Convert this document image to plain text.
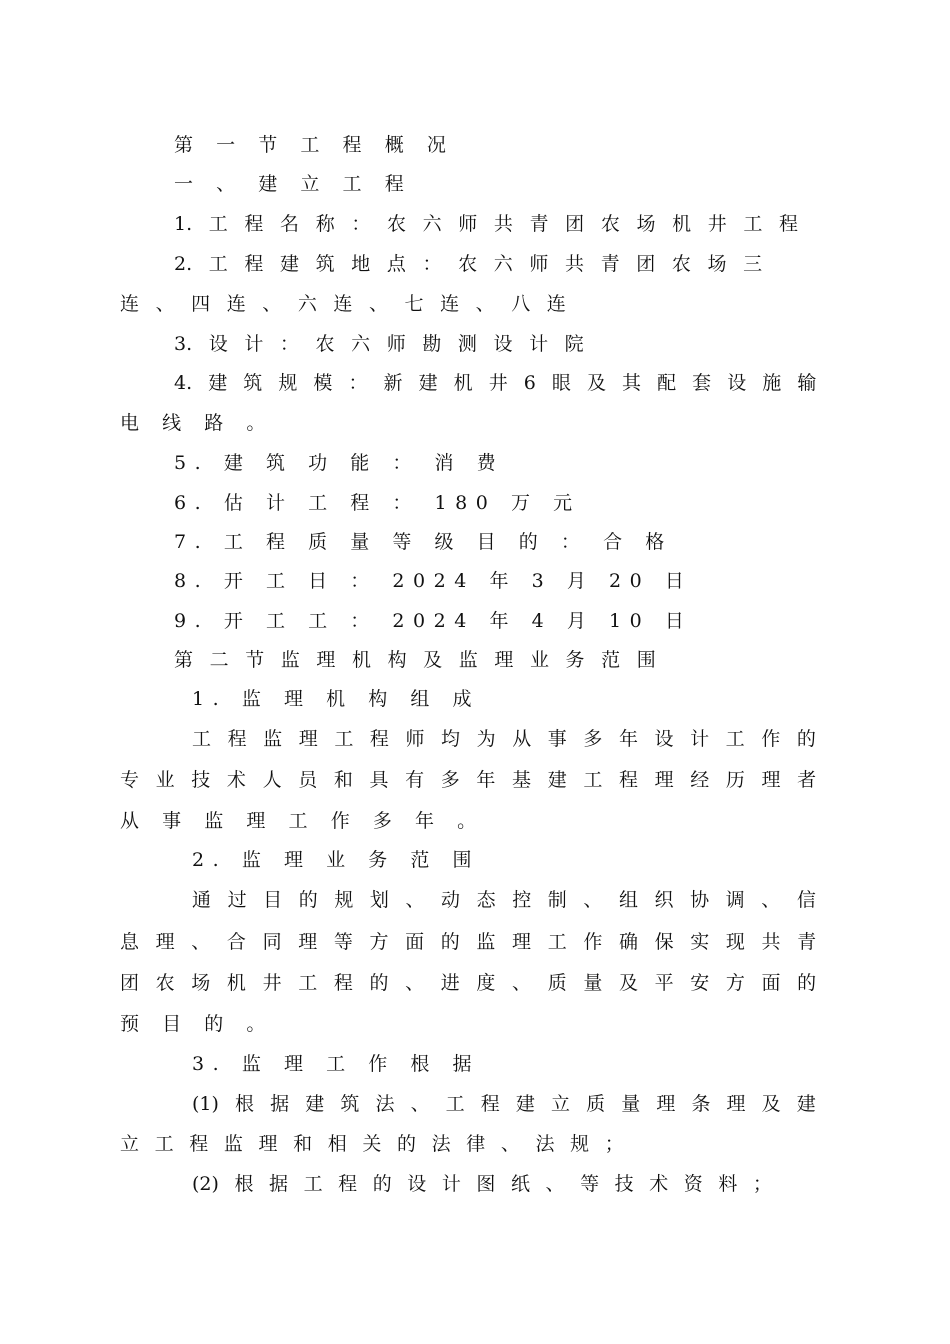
第 一 节 工 程 概 况

一 、 建 立 工 程

1. 工 程 名 称 ： 农 六 师 共 青 团 农 场 机 井 工 程

2. 工 程 建 筑 地 点 ： 农 六 师 共 青 团 农 场 三

连 、 四 连 、 六 连 、 七 连 、 八 连

3. 设 计 ： 农 六 师 勘 测 设 计 院

4. 建 筑 规 模 ： 新 建 机 井 6 眼 及 其 配 套 设 施 输

电 线 路 。

5. 建 筑 功 能 ： 消 费

6. 估 计 工 程 ： 180 万 元

7. 工 程 质 量 等 级 目 的 ： 合 格

8. 开 工 日 ： 2024 年 3 月 20 日

9. 开 工 工 ： 2024 年 4 月 10 日

第 二 节 监 理 机 构 及 监 理 业 务 范 围

1. 监 理 机 构 组 成

工 程 监 理 工 程 师 均 为 从 事 多 年 设 计 工 作 的

专 业 技 术 人 员 和 具 有 多 年 基 建 工 程 理 经 历 理 者

从 事 监 理 工 作 多 年 。

2. 监 理 业 务 范 围

通 过 目 的 规 划 、 动 态 控 制 、 组 织 协 调 、 信

息 理 、 合 同 理 等 方 面 的 监 理 工 作 确 保 实 现 共 青

团 农 场 机 井 工 程 的 、 进 度 、 质 量 及 平 安 方 面 的

预 目 的 。

3. 监 理 工 作 根 据

(1) 根 据 建 筑 法 、 工 程 建 立 质 量 理 条 理 及 建

立 工 程 监 理 和 相 关 的 法 律 、 法 规 ；

(2) 根 据 工 程 的 设 计 图 纸 、 等 技 术 资 料 ；
